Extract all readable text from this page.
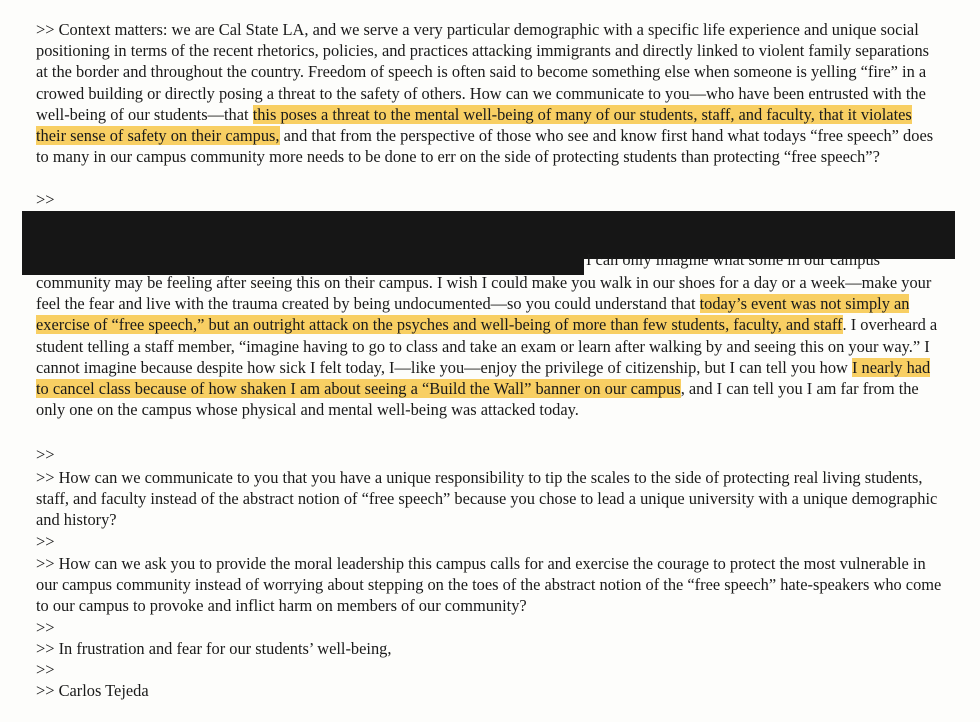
>> Context matters: we are Cal State LA, and we serve a very particular demographic with a specific life experience and unique social positioning in terms of the recent rhetorics, policies, and practices attacking immigrants and directly linked to violent family separations at the border and throughout the country. Freedom of speech is often said to become something else when someone is yelling “fire” in a crowed building or directly posing a threat to the safety of others. How can we communicate to you—who have been entrusted with the well-being of our students—that this poses a threat to the mental well-being of many of our students, staff, and faculty, that it violates their sense of safety on their campus, and that from the perspective of those who see and know first hand what todays “free speech” does to many in our campus community more needs to be done to err on the side of protecting students than protecting “free speech”?

>>
I can only imagine what some in our campus

community may be feeling after seeing this on their campus. I wish I could make you walk in our shoes for a day or a week—make your feel the fear and live with the trauma created by being undocumented—so you could understand that today’s event was not simply an exercise of “free speech,” but an outright attack on the psyches and well-being of more than few students, faculty, and staff. I overheard a student telling a staff member, “imagine having to go to class and take an exam or learn after walking by and seeing this on your way.” I cannot imagine because despite how sick I felt today, I—like you—enjoy the privilege of citizenship, but I can tell you how I nearly had to cancel class because of how shaken I am about seeing a “Build the Wall” banner on our campus, and I can tell you I am far from the only one on the campus whose physical and mental well-being was attacked today.

>>

>> How can we communicate to you that you have a unique responsibility to tip the scales to the side of protecting real living students, staff, and faculty instead of the abstract notion of “free speech” because you chose to lead a unique university with a unique demographic and history?

>>

>> How can we ask you to provide the moral leadership this campus calls for and exercise the courage to protect the most vulnerable in our campus community instead of worrying about stepping on the toes of the abstract notion of the “free speech” hate-speakers who come to our campus to provoke and inflict harm on members of our community?

>>
>> In frustration and fear for our students’ well-being,
>>
>> Carlos Tejeda
